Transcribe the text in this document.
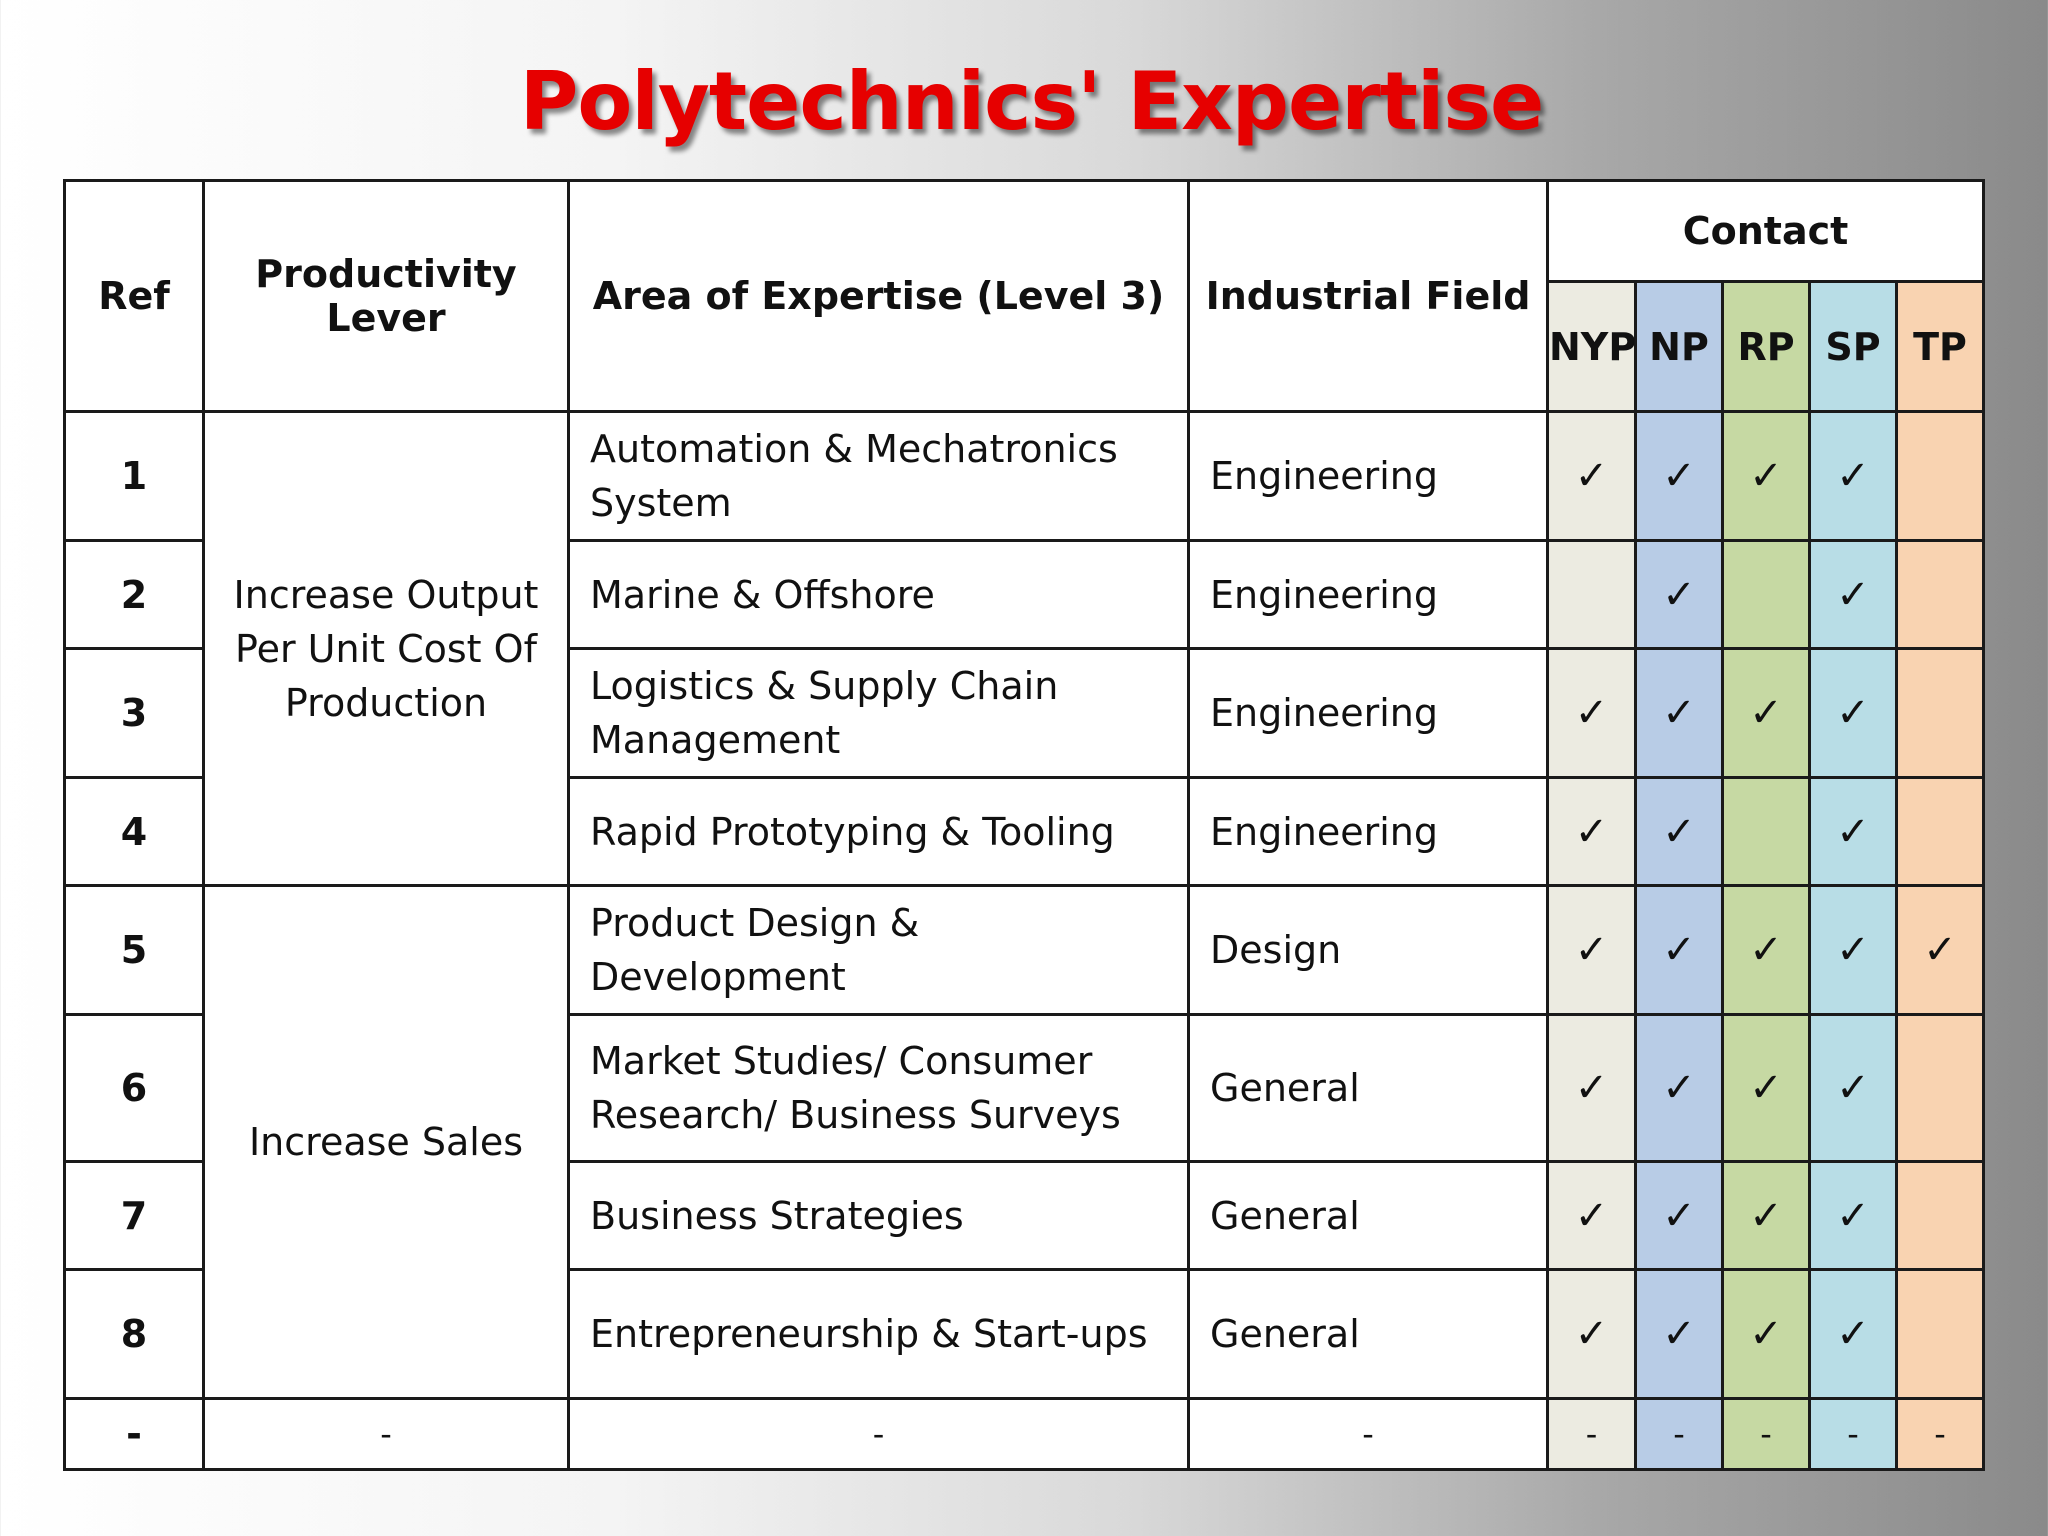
Polytechnics' Expertise
Ref	Productivity Lever	Area of Expertise (Level 3)	Industrial Field	Contact				
				NYP	NP	RP	SP	TP
1	Increase Output Per Unit Cost Of Production	Automation & Mechatronics System	Engineering	✓	✓	✓	✓	
2		Marine & Offshore	Engineering		✓		✓	
3		Logistics & Supply Chain Management	Engineering	✓	✓	✓	✓	
4		Rapid Prototyping & Tooling	Engineering	✓	✓		✓	
5	Increase Sales	Product Design & Development	Design	✓	✓	✓	✓	✓
6		Market Studies/ Consumer Research/ Business Surveys	General	✓	✓	✓	✓	
7		Business Strategies	General	✓	✓	✓	✓	
8		Entrepreneurship & Start-ups	General	✓	✓	✓	✓	
-	-	-	-	-	-	-	-	-
